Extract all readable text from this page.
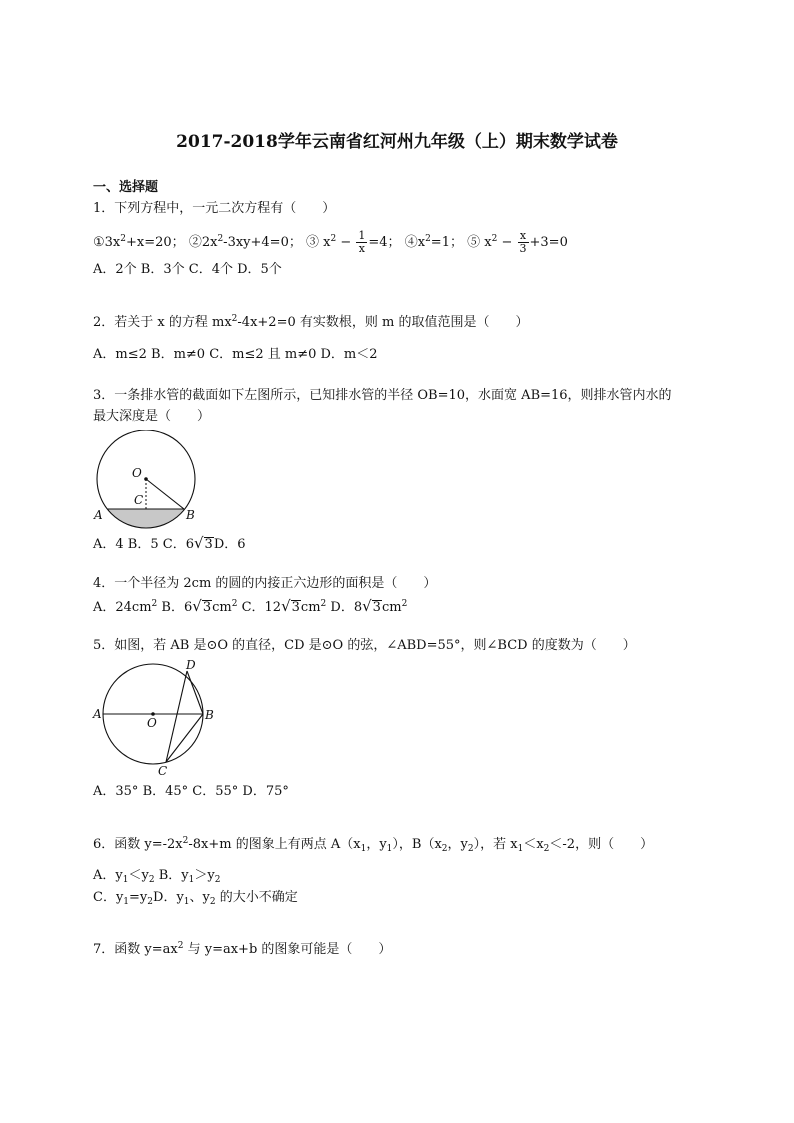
2017-2018学年云南省红河州九年级（上）期末数学试卷
一、选择题
1．下列方程中，一元二次方程有（　　）
$①3x^2+x=20$； $②2x^2-3xy+4=0$； ③ $x^2 - \frac{1}{x} =4$； $④x^2=1$； ⑤ $x^2 - \frac{x}{3} +3=0$
A．2个 B．3个 C．4个 D．5个
2．若关于 x 的方程 $mx^2-4x+2=0$ 有实数根，则 m 的取值范围是（　　）
A．m≤2 B．m≠0 C．m≤2 且 m≠0 D．m＜2
3．一条排水管的截面如下左图所示，已知排水管的半径 OB=10，水面宽 AB=16，则排水管内水的
最大深度是（　　）
O
C
A	B
A．4 B．5 C．6√3D．6
4．一个半径为 2cm 的圆的内接正六边形的面积是（　　）
A．$24cm^2$ B．$6√3cm^2$ C．$12√3cm^2$ D．$8√3cm^2$
5．如图，若 AB 是⊙O 的直径，CD 是⊙O 的弦，∠ABD=55°，则∠BCD 的度数为（　　）
D
A
O
B
C
A．35° B．45° C．55° D．75°
6．函数 $y=-2x^2-8x+m$ 的图象上有两点 $A(x_1$，$y_1$），$B(x_2$，$y_2$），若 $x_1<x_2<-2$，则（　　）
A．$y_1<y_2$ B．$y_1>y_2$
C．$y_1=y_2D$．$y_1$、$y_2$ 的大小不确定
7．函数 $y=ax^2$ 与 y=ax+b 的图象可能是（　　）
